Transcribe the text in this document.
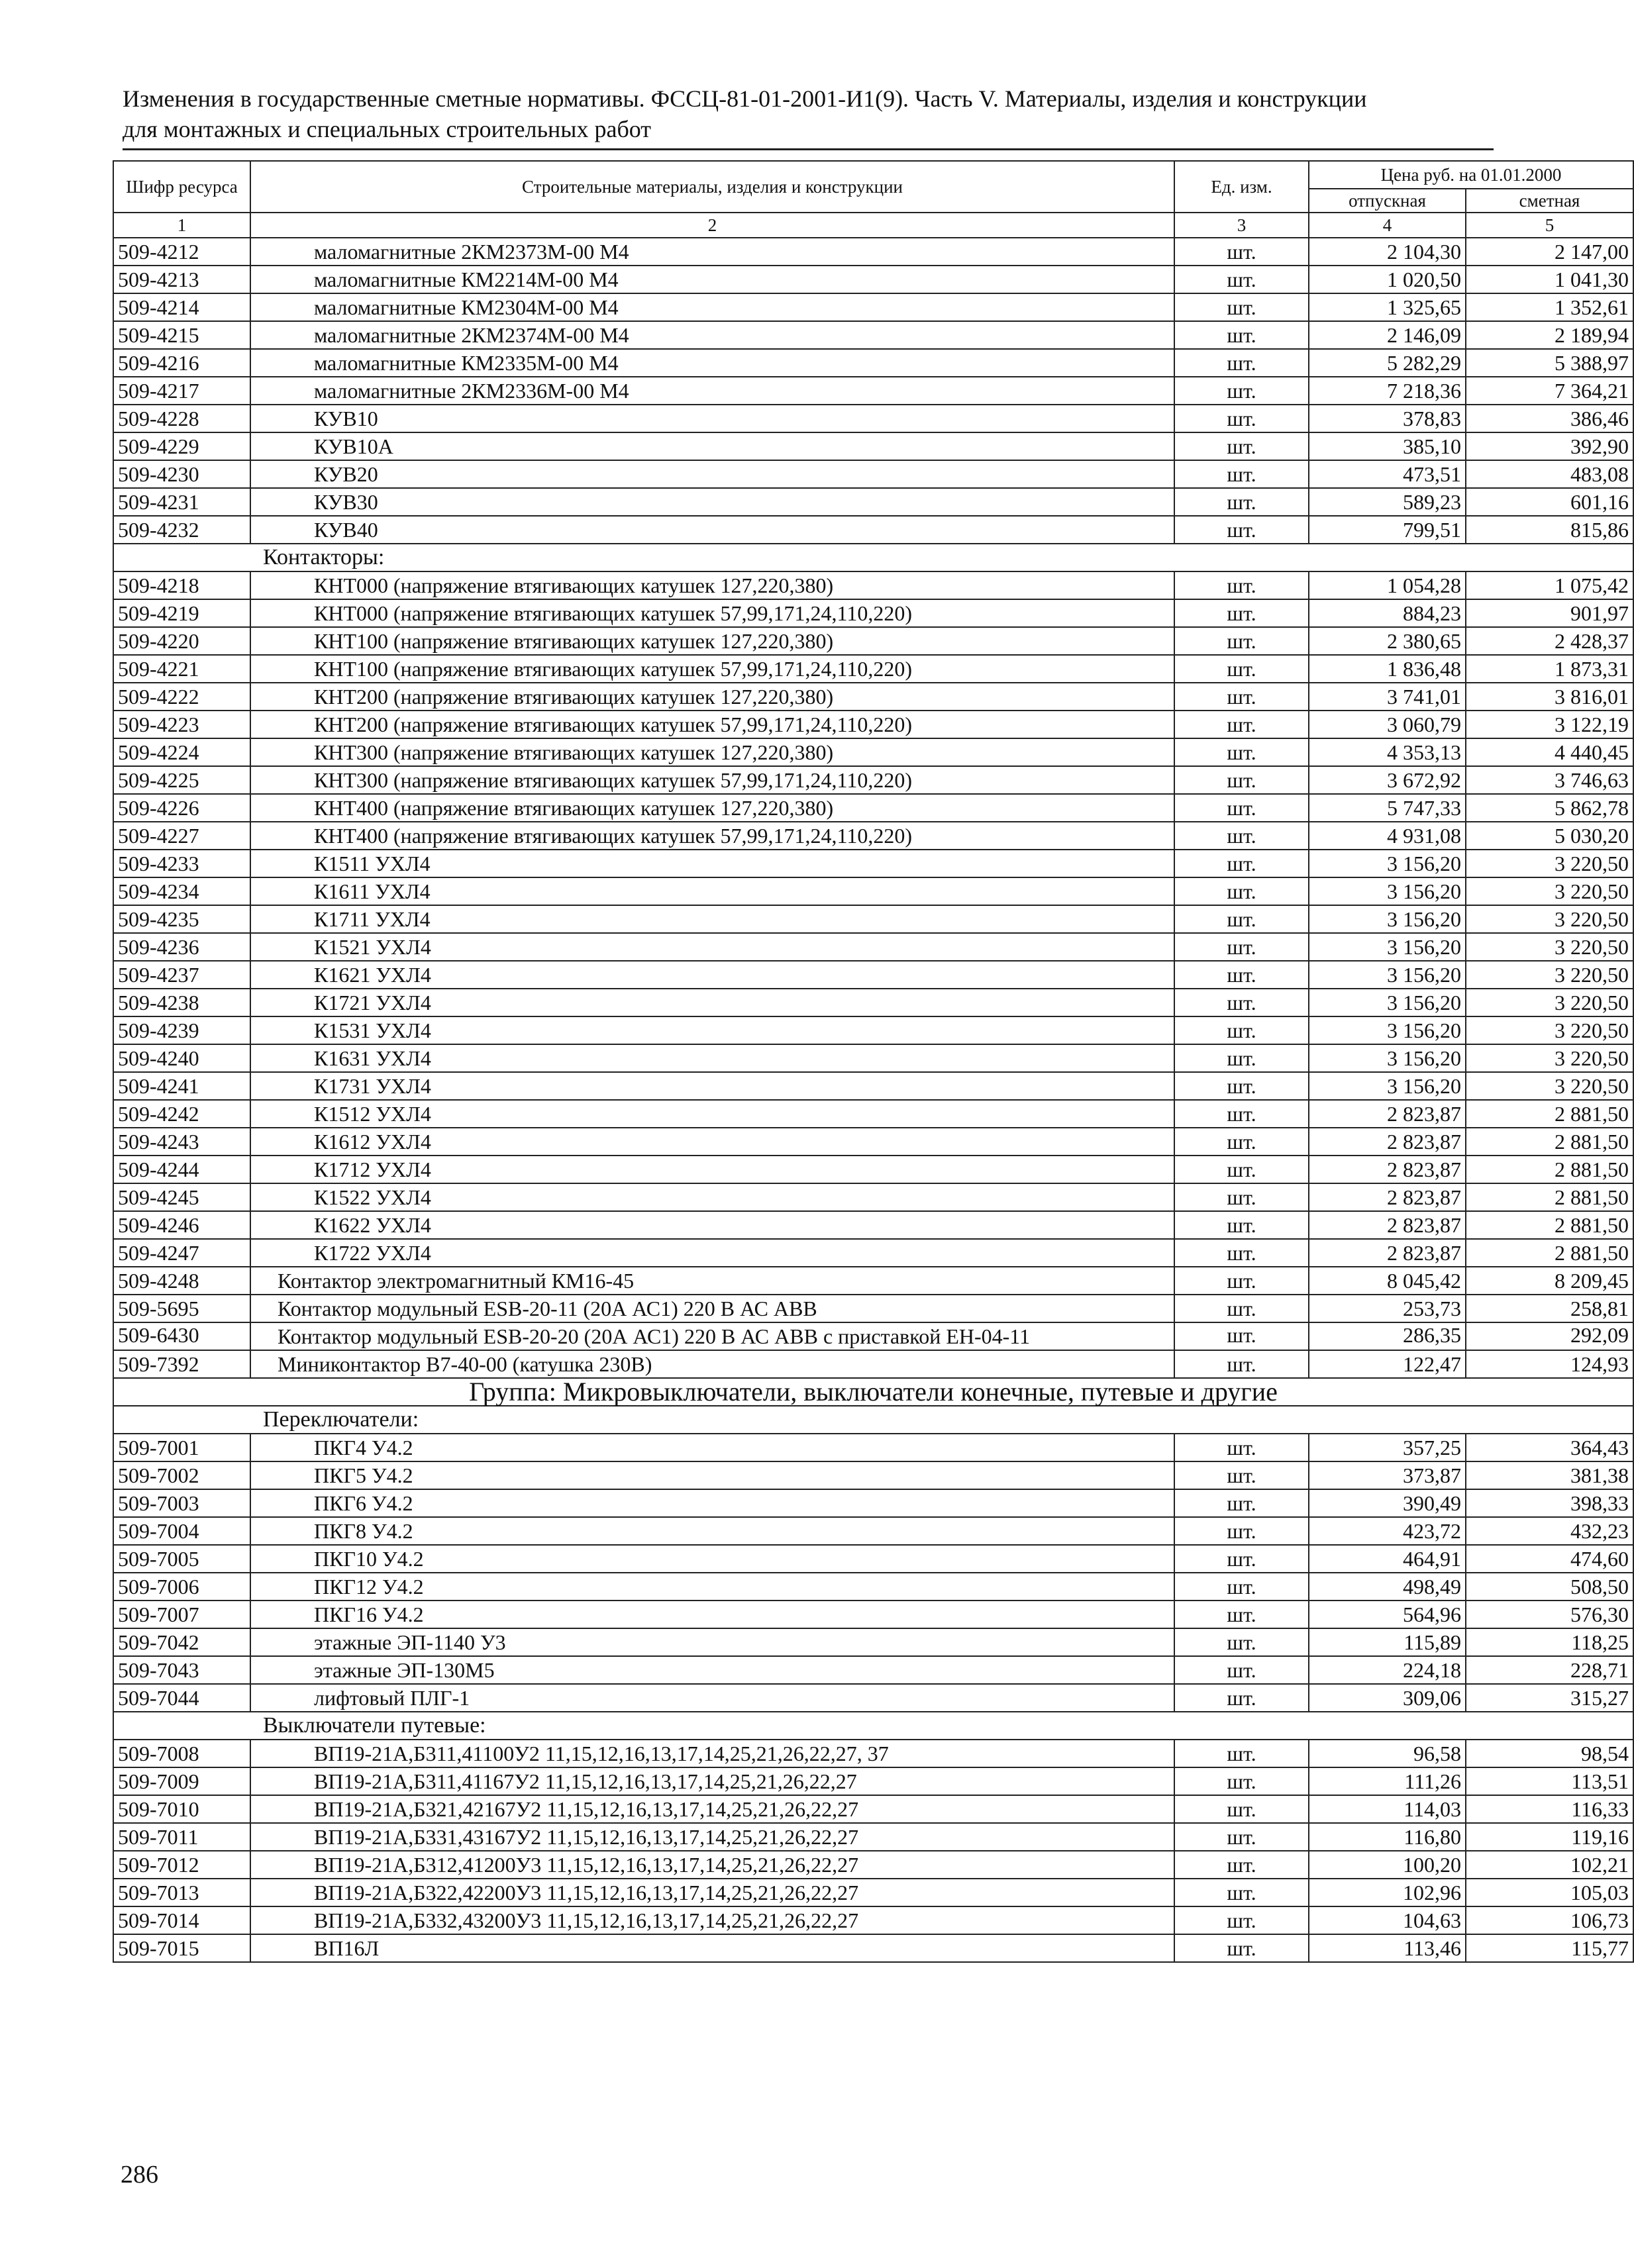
Изменения в государственные сметные нормативы. ФССЦ-81-01-2001-И1(9). Часть V. Материалы, изделия и конструкции для монтажных и специальных строительных работ
Шифр ресурса	Строительные материалы, изделия и конструкции	Ед. изм.	Цена руб. на 01.01.2000	
			отпускная	сметная
1	2	3	4	5
509-4212	маломагнитные 2КМ2373М-00 М4	шт.	2 104,30	2 147,00
509-4213	маломагнитные КМ2214М-00 М4	шт.	1 020,50	1 041,30
509-4214	маломагнитные КМ2304М-00 М4	шт.	1 325,65	1 352,61
509-4215	маломагнитные 2КМ2374М-00 М4	шт.	2 146,09	2 189,94
509-4216	маломагнитные КМ2335М-00 М4	шт.	5 282,29	5 388,97
509-4217	маломагнитные 2КМ2336М-00 М4	шт.	7 218,36	7 364,21
509-4228	КУВ10	шт.	378,83	386,46
509-4229	КУВ10А	шт.	385,10	392,90
509-4230	КУВ20	шт.	473,51	483,08
509-4231	КУВ30	шт.	589,23	601,16
509-4232	КУВ40	шт.	799,51	815,86
Контакторы:				
509-4218	КНТ000 (напряжение втягивающих катушек 127,220,380)	шт.	1 054,28	1 075,42
509-4219	КНТ000 (напряжение втягивающих катушек 57,99,171,24,110,220)	шт.	884,23	901,97
509-4220	КНТ100 (напряжение втягивающих катушек 127,220,380)	шт.	2 380,65	2 428,37
509-4221	КНТ100 (напряжение втягивающих катушек 57,99,171,24,110,220)	шт.	1 836,48	1 873,31
509-4222	КНТ200 (напряжение втягивающих катушек 127,220,380)	шт.	3 741,01	3 816,01
509-4223	КНТ200 (напряжение втягивающих катушек 57,99,171,24,110,220)	шт.	3 060,79	3 122,19
509-4224	КНТ300 (напряжение втягивающих катушек 127,220,380)	шт.	4 353,13	4 440,45
509-4225	КНТ300 (напряжение втягивающих катушек 57,99,171,24,110,220)	шт.	3 672,92	3 746,63
509-4226	КНТ400 (напряжение втягивающих катушек 127,220,380)	шт.	5 747,33	5 862,78
509-4227	КНТ400 (напряжение втягивающих катушек 57,99,171,24,110,220)	шт.	4 931,08	5 030,20
509-4233	К1511 УХЛ4	шт.	3 156,20	3 220,50
509-4234	К1611 УХЛ4	шт.	3 156,20	3 220,50
509-4235	К1711 УХЛ4	шт.	3 156,20	3 220,50
509-4236	К1521 УХЛ4	шт.	3 156,20	3 220,50
509-4237	К1621 УХЛ4	шт.	3 156,20	3 220,50
509-4238	К1721 УХЛ4	шт.	3 156,20	3 220,50
509-4239	К1531 УХЛ4	шт.	3 156,20	3 220,50
509-4240	К1631 УХЛ4	шт.	3 156,20	3 220,50
509-4241	К1731 УХЛ4	шт.	3 156,20	3 220,50
509-4242	К1512 УХЛ4	шт.	2 823,87	2 881,50
509-4243	К1612 УХЛ4	шт.	2 823,87	2 881,50
509-4244	К1712 УХЛ4	шт.	2 823,87	2 881,50
509-4245	К1522 УХЛ4	шт.	2 823,87	2 881,50
509-4246	К1622 УХЛ4	шт.	2 823,87	2 881,50
509-4247	К1722 УХЛ4	шт.	2 823,87	2 881,50
509-4248	Контактор электромагнитный КМ16-45	шт.	8 045,42	8 209,45
509-5695	Контактор модульный ESB-20-11 (20А АС1) 220 В АС АВВ	шт.	253,73	258,81
509-6430	Контактор модульный ESB-20-20 (20А АС1) 220 В АС АВВ с приставкой ЕН-04-11	шт.	286,35	292,09
509-7392	Миниконтактор В7-40-00 (катушка 230В)	шт.	122,47	124,93
Группа: Микровыключатели, выключатели конечные, путевые и другие				
Переключатели:				
509-7001	ПКГ4 У4.2	шт.	357,25	364,43
509-7002	ПКГ5 У4.2	шт.	373,87	381,38
509-7003	ПКГ6 У4.2	шт.	390,49	398,33
509-7004	ПКГ8 У4.2	шт.	423,72	432,23
509-7005	ПКГ10 У4.2	шт.	464,91	474,60
509-7006	ПКГ12 У4.2	шт.	498,49	508,50
509-7007	ПКГ16 У4.2	шт.	564,96	576,30
509-7042	этажные ЭП-1140 У3	шт.	115,89	118,25
509-7043	этажные ЭП-130М5	шт.	224,18	228,71
509-7044	лифтовый ПЛГ-1	шт.	309,06	315,27
Выключатели путевые:				
509-7008	ВП19-21А,Б311,41100У2 11,15,12,16,13,17,14,25,21,26,22,27, 37	шт.	96,58	98,54
509-7009	ВП19-21А,Б311,41167У2 11,15,12,16,13,17,14,25,21,26,22,27	шт.	111,26	113,51
509-7010	ВП19-21А,Б321,42167У2 11,15,12,16,13,17,14,25,21,26,22,27	шт.	114,03	116,33
509-7011	ВП19-21А,Б331,43167У2 11,15,12,16,13,17,14,25,21,26,22,27	шт.	116,80	119,16
509-7012	ВП19-21А,Б312,41200У3 11,15,12,16,13,17,14,25,21,26,22,27	шт.	100,20	102,21
509-7013	ВП19-21А,Б322,42200У3 11,15,12,16,13,17,14,25,21,26,22,27	шт.	102,96	105,03
509-7014	ВП19-21А,Б332,43200У3 11,15,12,16,13,17,14,25,21,26,22,27	шт.	104,63	106,73
509-7015	ВП16Л	шт.	113,46	115,77
286
